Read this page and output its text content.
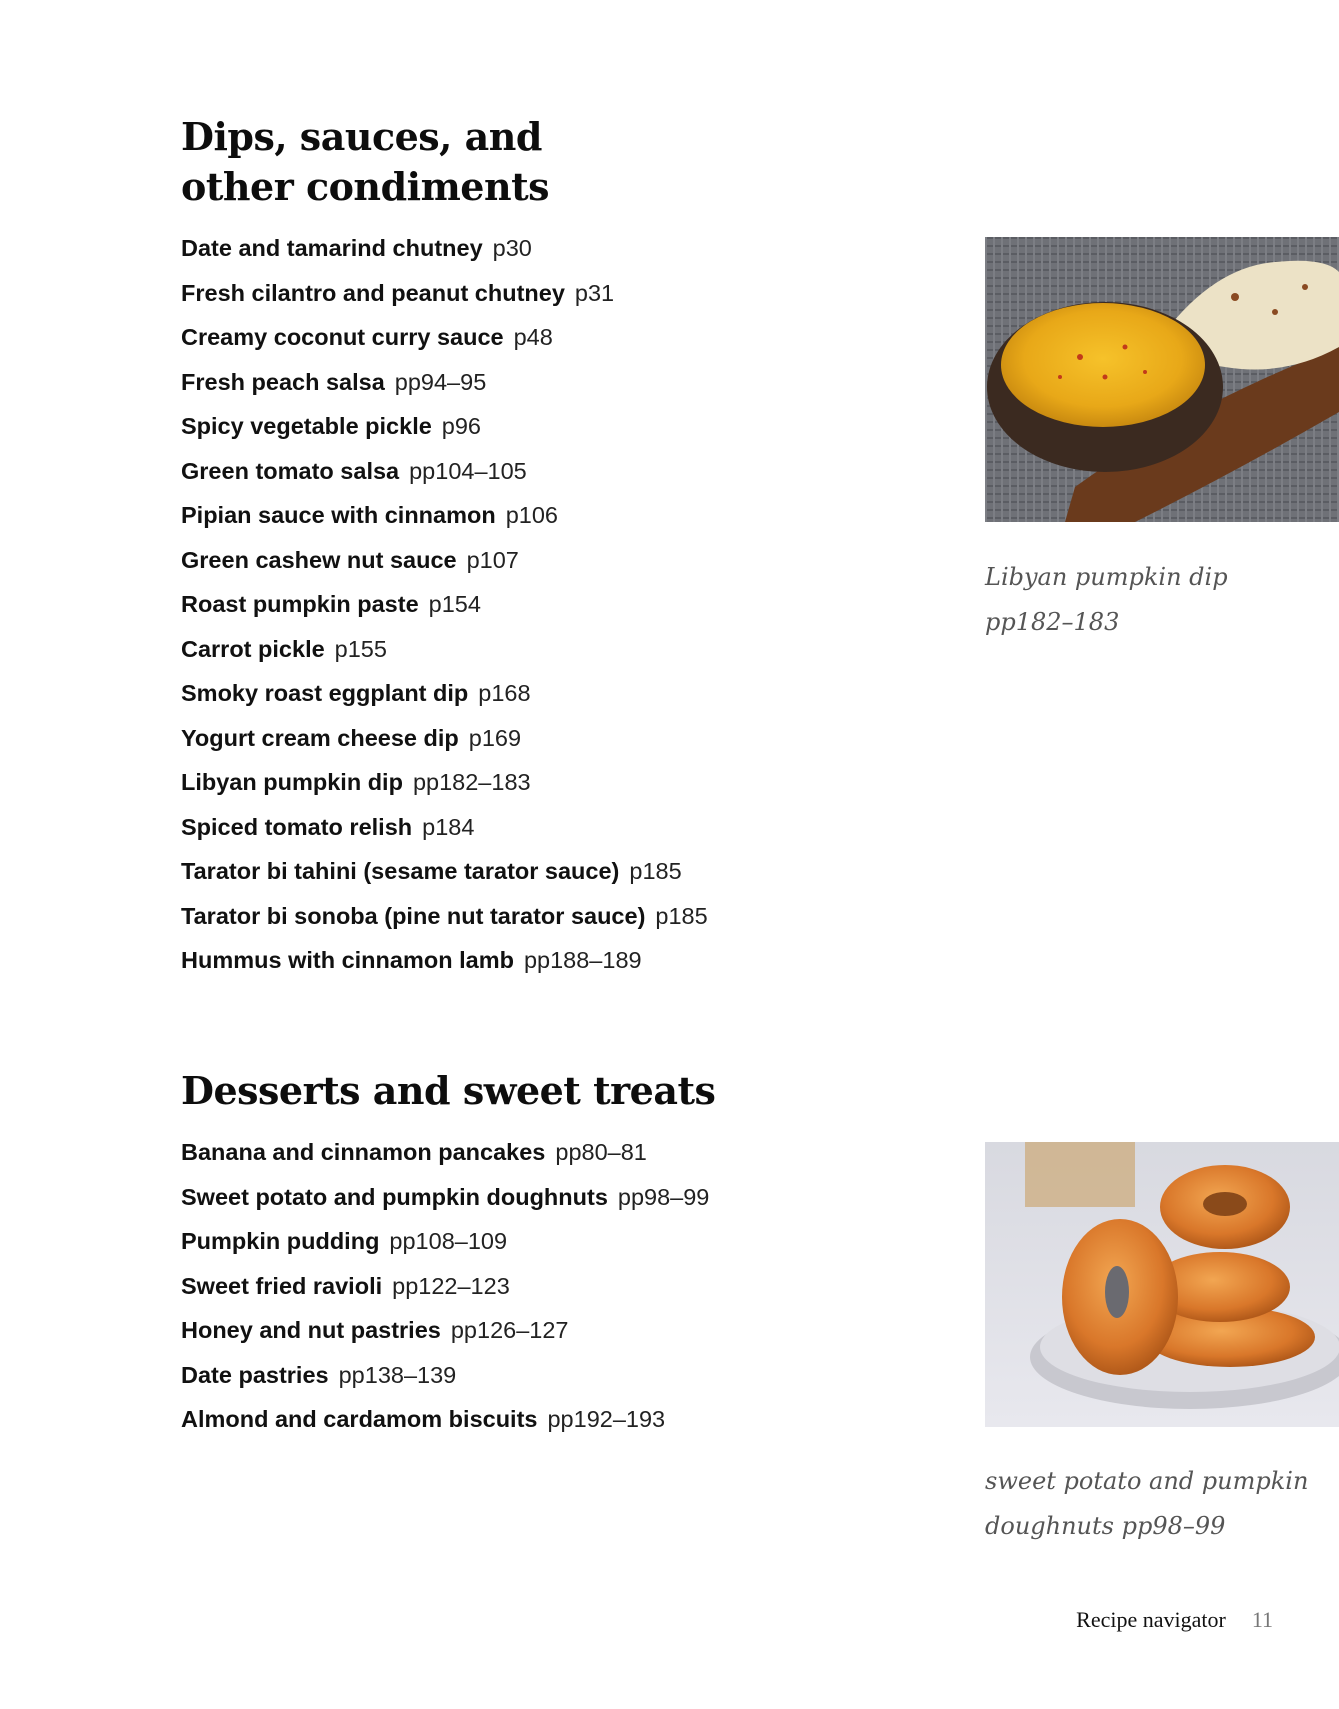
Dips, sauces, and
other condiments
Date and tamarind chutney p30
Fresh cilantro and peanut chutney p31
Creamy coconut curry sauce p48
Fresh peach salsa pp94–95
Spicy vegetable pickle p96
Green tomato salsa pp104–105
Pipian sauce with cinnamon p106
Green cashew nut sauce p107
Roast pumpkin paste p154
Carrot pickle p155
Smoky roast eggplant dip p168
Yogurt cream cheese dip p169
Libyan pumpkin dip pp182–183
Spiced tomato relish p184
Tarator bi tahini (sesame tarator sauce) p185
Tarator bi sonoba (pine nut tarator sauce) p185
Hummus with cinnamon lamb pp188–189
Desserts and sweet treats
Banana and cinnamon pancakes pp80–81
Sweet potato and pumpkin doughnuts pp98–99
Pumpkin pudding pp108–109
Sweet fried ravioli pp122–123
Honey and nut pastries pp126–127
Date pastries pp138–139
Almond and cardamom biscuits pp192–193
Libyan pumpkin dip
pp182–183
sweet potato and pumpkin
doughnuts pp98–99
Recipe navigator 11
